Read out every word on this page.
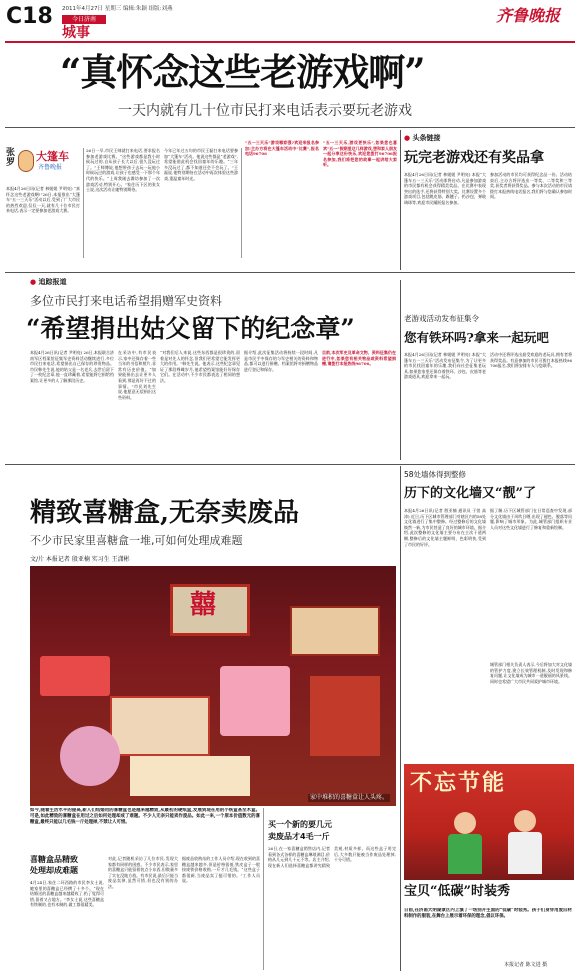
C18 2011年4月27日 星期三 编辑:朱颖 组版:刘燕
今日济南
城事
齐鲁晚报
“真怀念这些老游戏啊”
一天内就有几十位市民打来电话表示要玩老游戏
张罗 大篷车
齐鲁晚报
本报4月26日讯(记者 林媛媛 尹明亮) “真怀念这些老游戏啊!”26日,本报推出“大篷车”五一三天乐”活动以后,受到了广大市民的热烈欢迎,仅仅一天,就有几十位市民打来电话,表示一定要参加老游戏大赛。
26日一早,市民王帅就打来电话,要求报名参加老游戏比赛。“这些游戏都是我小时候玩过的,自从孩子长大以后,很久没玩过了。”王师傅说,他想带孩子去玩一玩他小时候玩过的游戏,让孩子也感受一下那个年代的快乐。“上周我刚去潍坊参加了一次游戏活动,特别开心。”家住历下区的张女士说,这次活动让她特别期待。
今年已年过五旬的市民王磊打来电话要参加“大篷车”活动。他说这些都是“老游戏”,希望能借此机会找回童年的乐趣。“三年多没玩过了,都不知道还会不会玩了。”王磊说,他特别期待在活动中再次体验这些游戏,重温童年时光。
“五一三天乐”游戏哪家强?欢迎来报名参加!主办方将在大篷车活动中“比赛”,报名电话96706
“五一三天乐,游戏更快乐”,如果您也喜欢“五一”假期里这几样游戏,想和家人朋友一起分享这份快乐,欢迎您拨打96706报名参加,我们将把您的故事一起讲给大家听。
● 头条链接
玩完老游戏还有奖品拿
本报4月26日讯(记者 林媛媛 尹明亮) 本报“大篷车五一三天乐”活动即将启动,凡是参加游戏的市民都有机会获得精美奖品。在比赛中表现突出的选手,还将获得特别大奖。比赛设置多个游戏项目,包括跳皮筋、踢毽子、扔沙包、弹玻璃球等,欢迎市民踊跃报名参加。
参加活动的市民均可获得纪念品一份。活动结束后,主办方将评选出一等奖、二等奖和三等奖,获奖者将获得奖品。参与本次活动的市民请拨打本报热线电话报名,我们将与您确认参加时间。
● 追踪报道
多位市民打来电话希望捐赠军史资料
“希望捐出姑父留下的纪念章”
本报4月26日讯(记者 尹明亮) 26日,本报联合济南军区档案馆征集军史资料活动继续进行,多位市民打来电话,希望捐出自己保存的珍贵物品。市民韩先生说,他的姑父是一名老兵,去世后留下了一枚纪念章,他一直珍藏着,希望能将它捐给档案馆,让更多的人了解那段历史。
“对我们后人来说,这些东西都是很珍贵的,留着是对先人的怀念,但我们更希望它能发挥更大的作用。”韩先生说。他表示,这些纪念章见证了那段峥嵘岁月,他希望档案馆能好好保存它们。在活动中,不少市民都表达了相同的想法。
在采访中,有市民表示,家中还保存着一些当年的书信和照片,非常有历史价值。“如果能捐出去让更多人看到,那是再好不过的事情。”市民刘先生说,他愿意无偿捐出这些资料。
据介绍,此次征集活动将持续一段时间,凡是市民手中保存的与军史相关的资料和物品,都可以进行捐赠。档案馆将对捐赠物品进行登记和保存。
目前,本次军史及革命文物、资料征集仍在进行中,如果您有相关物品或资料希望捐赠,请拨打本报热线96706。
老游戏活动发布征集令
您有铁环吗?拿来一起玩吧
本报4月26日讯(记者 林媛媛 尹明亮) 本报“大篷车五一三天乐”活动发布征集令,为了让更多的市民找回童年的乐趣,我们向社会征集老玩具,如果您家里还保存着铁环、沙包、皮筋等老游戏道具,欢迎拿来一起玩。
活动中还将评选出最受欢迎的老玩具,拥有者将获得奖品。有意参加的市民可拨打本报热线96706报名,我们将安排专人与您联系。
58处墙体得到整修
历下的文化墙又“靓”了
本报4月26日讯(记者 殷亚楠 通讯员 于萱 高涛) 近日,历下区城市管理部门对辖区内的58处文化墙进行了集中整修。经过整修后的文化墙焕然一新,为市民营造了良好的城市环境。据介绍,此次整修的文化墙主要分布在主次干道两侧,整修后的文化墙主题鲜明、色彩明快,受到了市民的好评。
据了解,历下区城管部门在日常巡查中发现,部分文化墙由于风吹日晒,出现了褪色、脱落等问题,影响了城市形象。为此,城管部门组织专业人员对这些文化墙进行了修复和重新绘制。
城管部门相关负责人表示,今后将加大对文化墙的管护力度,建立长效管理机制,及时发现和修复问题,让文化墙成为城市一道靓丽的风景线。同时也希望广大市民共同爱护城市环境。
精致喜糖盒,无奈卖废品
不少市民家里喜糖盒一堆,可如何处理成难题
文/片 本报记者 殷亚楠 实习生 王潇彬
囍
家中堆积的喜糖盒让人头疼。
如今,随着生活水平的提高,新人们结婚用的喜糖盒也是越来越精致,从最初的硬纸盒,发展到现在用的小铁盒甚至木盒。可是,如此精致的喜糖盒在用过之后如何处理却成了难题。不少人无奈只能卖作废品。如此一来,一个原本价值数元的喜糖盒,最终只能以几毛钱一斤处理掉,不禁让人可惜。
喜糖盒品精致
处理却成难题
4月24日,家住二环西路的市民李女士说,她家里的喜糖盒已经攒了十多个。“现在结婚送的喜糖盒越来越精致了,扔了觉得可惜,留着又占地方。”李女士说,这些喜糖盒有铁制的,也有木制的,做工都很精美。
对此,记者随机采访了几位市民,发现大家都有同样的困惑。不少市民表示,家里的喜糖盒只能留着装点小东西,但数量多了实在没地方放。有市民说,最后只能当废品卖掉,虽然可惜,但也没有别的办法。
据废品收购站的工作人员介绍,现在收到的喜糖盒越来越多,但是价格很低,铁皮盒子一般按废铁价格收购,一斤才几毛钱。“这些盒子都很新,当废品卖了挺可惜的。”工作人员说。
买一个新的要几元
卖废品才4毛一斤
26日,在一家喜糖盒销售店内,记者看到各式各样的喜糖盒琳琅满目,价格从几元到几十元不等。店主介绍,现在新人们选择喜糖盒都讲究精致美观,材质多样。而这些盒子用完后,大多数只能被当作废品处理掉,十分可惜。
不忘节能
宝贝“低碳”时装秀
日前,在济南大明湖景区内上演了一场别开生面的“低碳”时装秀。孩子们身穿用废旧材料制作的服装,在舞台上展示着环保的理念,倡议环保。
本报记者 陈文进 摄
